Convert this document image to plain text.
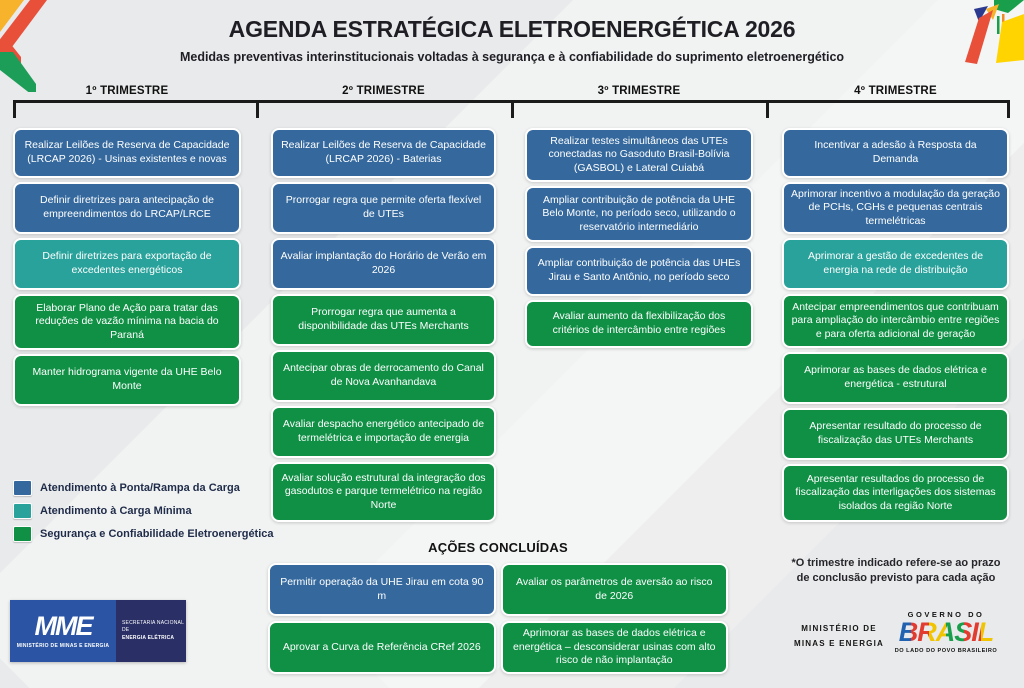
AGENDA ESTRATÉGICA ELETROENERGÉTICA 2026
Medidas preventivas interinstitucionais voltadas à segurança e à confiabilidade do suprimento eletroenergético
1º TRIMESTRE	2º TRIMESTRE	3º TRIMESTRE	4º TRIMESTRE
Realizar Leilões de Reserva de Capacidade (LRCAP 2026) - Usinas existentes e novas
Definir diretrizes para antecipação de empreendimentos do LRCAP/LRCE
Definir diretrizes para exportação de excedentes energéticos
Elaborar Plano de Ação para tratar das reduções de vazão mínima na bacia do Paraná
Manter hidrograma vigente da UHE Belo Monte
Realizar Leilões de Reserva de Capacidade (LRCAP 2026) - Baterias
Prorrogar regra que permite oferta flexível de UTEs
Avaliar implantação do Horário de Verão em 2026
Prorrogar regra que aumenta a disponibilidade das UTEs Merchants
Antecipar obras de derrocamento do Canal de Nova Avanhandava
Avaliar despacho energético antecipado de termelétrica e importação de energia
Avaliar solução estrutural da integração dos gasodutos e parque termelétrico na região Norte
Realizar testes simultâneos das UTEs conectadas no Gasoduto Brasil-Bolívia (GASBOL) e Lateral Cuiabá
Ampliar contribuição de potência da UHE Belo Monte, no período seco, utilizando o reservatório intermediário
Ampliar contribuição de potência das UHEs Jirau e Santo Antônio, no período seco
Avaliar aumento da flexibilização dos critérios de intercâmbio entre regiões
Incentivar a adesão à Resposta da Demanda
Aprimorar incentivo a modulação da geração de PCHs, CGHs e pequenas centrais termelétricas
Aprimorar a gestão de excedentes de energia na rede de distribuição
Antecipar empreendimentos que contribuam para ampliação do intercâmbio entre regiões e para oferta adicional de geração
Aprimorar as bases de dados elétrica e energética - estrutural
Apresentar resultado do processo de fiscalização das UTEs Merchants
Apresentar resultados do processo de fiscalização das interligações dos sistemas isolados da região Norte
Atendimento à Ponta/Rampa da Carga
Atendimento à Carga Mínima
Segurança e Confiabilidade Eletroenergética
AÇÕES CONCLUÍDAS
Permitir operação da UHE Jirau em cota 90 m
Avaliar os parâmetros de aversão ao risco de 2026
Aprovar a Curva de Referência CRef 2026
Aprimorar as bases de dados elétrica e energética – desconsiderar usinas com alto risco de não implantação
*O trimestre indicado refere-se ao prazo de conclusão previsto para cada ação
MME
MINISTÉRIO DE MINAS E ENERGIA
SECRETARIA NACIONAL DE
ENERGIA ELÉTRICA
MINISTÉRIO DE
MINAS E ENERGIA
GOVERNO DO
BRASIL
DO LADO DO POVO BRASILEIRO
